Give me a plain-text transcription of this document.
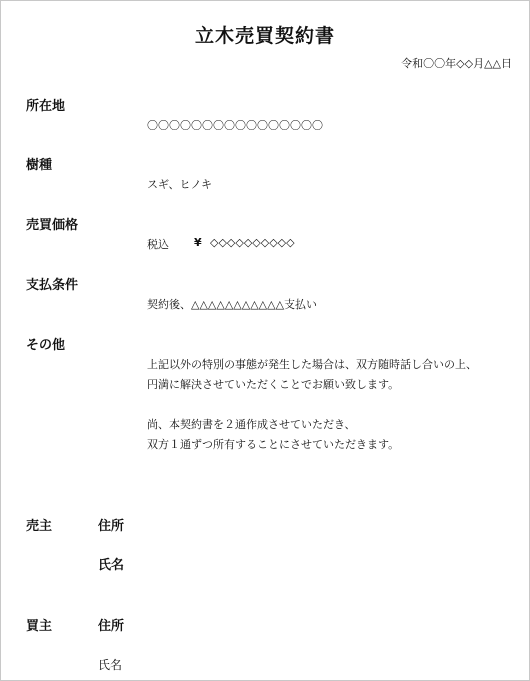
立木売買契約書
令和〇〇年◇◇月△△日
所在地
〇〇〇〇〇〇〇〇〇〇〇〇〇〇〇〇
樹種
スギ、ヒノキ
売買価格
税込 ¥ ◇◇◇◇◇◇◇◇◇◇
支払条件
契約後、△△△△△△△△△△△支払い
その他
上記以外の特別の事態が発生した場合は、双方随時話し合いの上、
円満に解決させていただくことでお願い致します。
尚、本契約書を２通作成させていただき、
双方１通ずつ所有することにさせていただきます。
売主	住所
氏名
買主	住所
氏名
